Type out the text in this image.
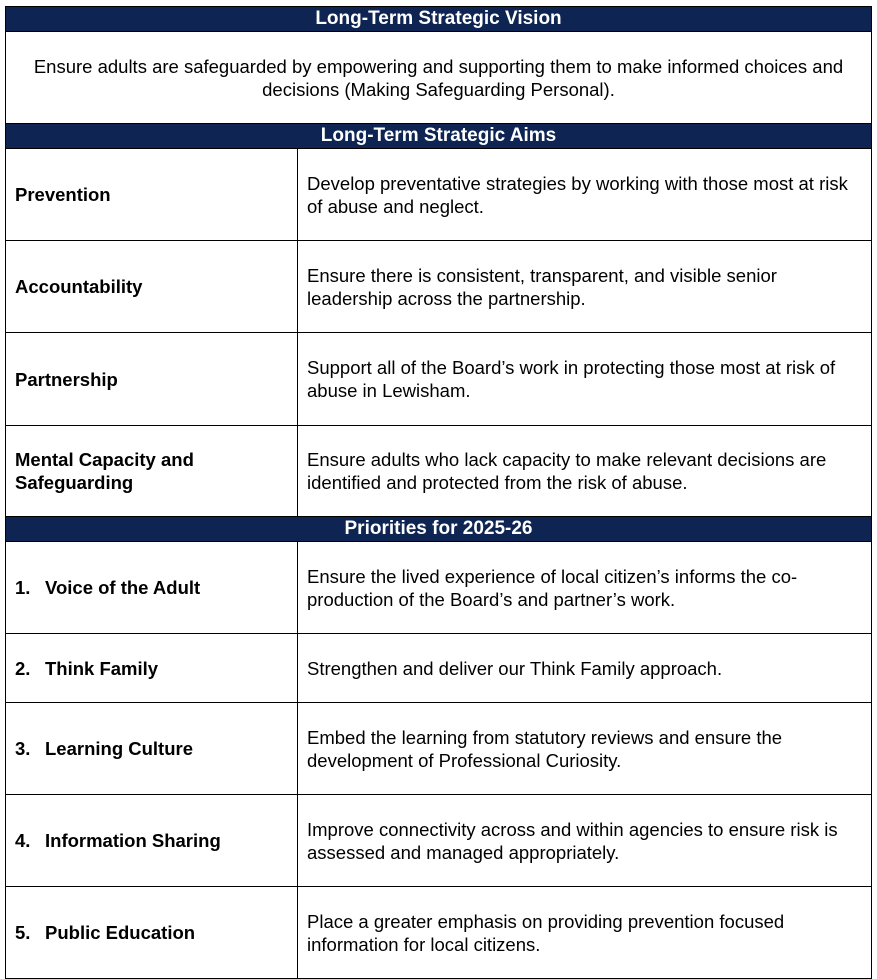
Long-Term Strategic Vision
Ensure adults are safeguarded by empowering and supporting them to make informed choices and decisions (Making Safeguarding Personal).
Long-Term Strategic Aims
Prevention
Develop preventative strategies by working with those most at risk of abuse and neglect.
Accountability
Ensure there is consistent, transparent, and visible senior leadership across the partnership.
Partnership
Support all of the Board’s work in protecting those most at risk of abuse in Lewisham.
Mental Capacity and Safeguarding
Ensure adults who lack capacity to make relevant decisions are identified and protected from the risk of abuse.
Priorities for 2025-26
1. Voice of the Adult
Ensure the lived experience of local citizen’s informs the co-production of the Board’s and partner’s work.
2. Think Family	Strengthen and deliver our Think Family approach.
3. Learning Culture
Embed the learning from statutory reviews and ensure the development of Professional Curiosity.
4. Information Sharing
Improve connectivity across and within agencies to ensure risk is assessed and managed appropriately.
5. Public Education
Place a greater emphasis on providing prevention focused information for local citizens.
